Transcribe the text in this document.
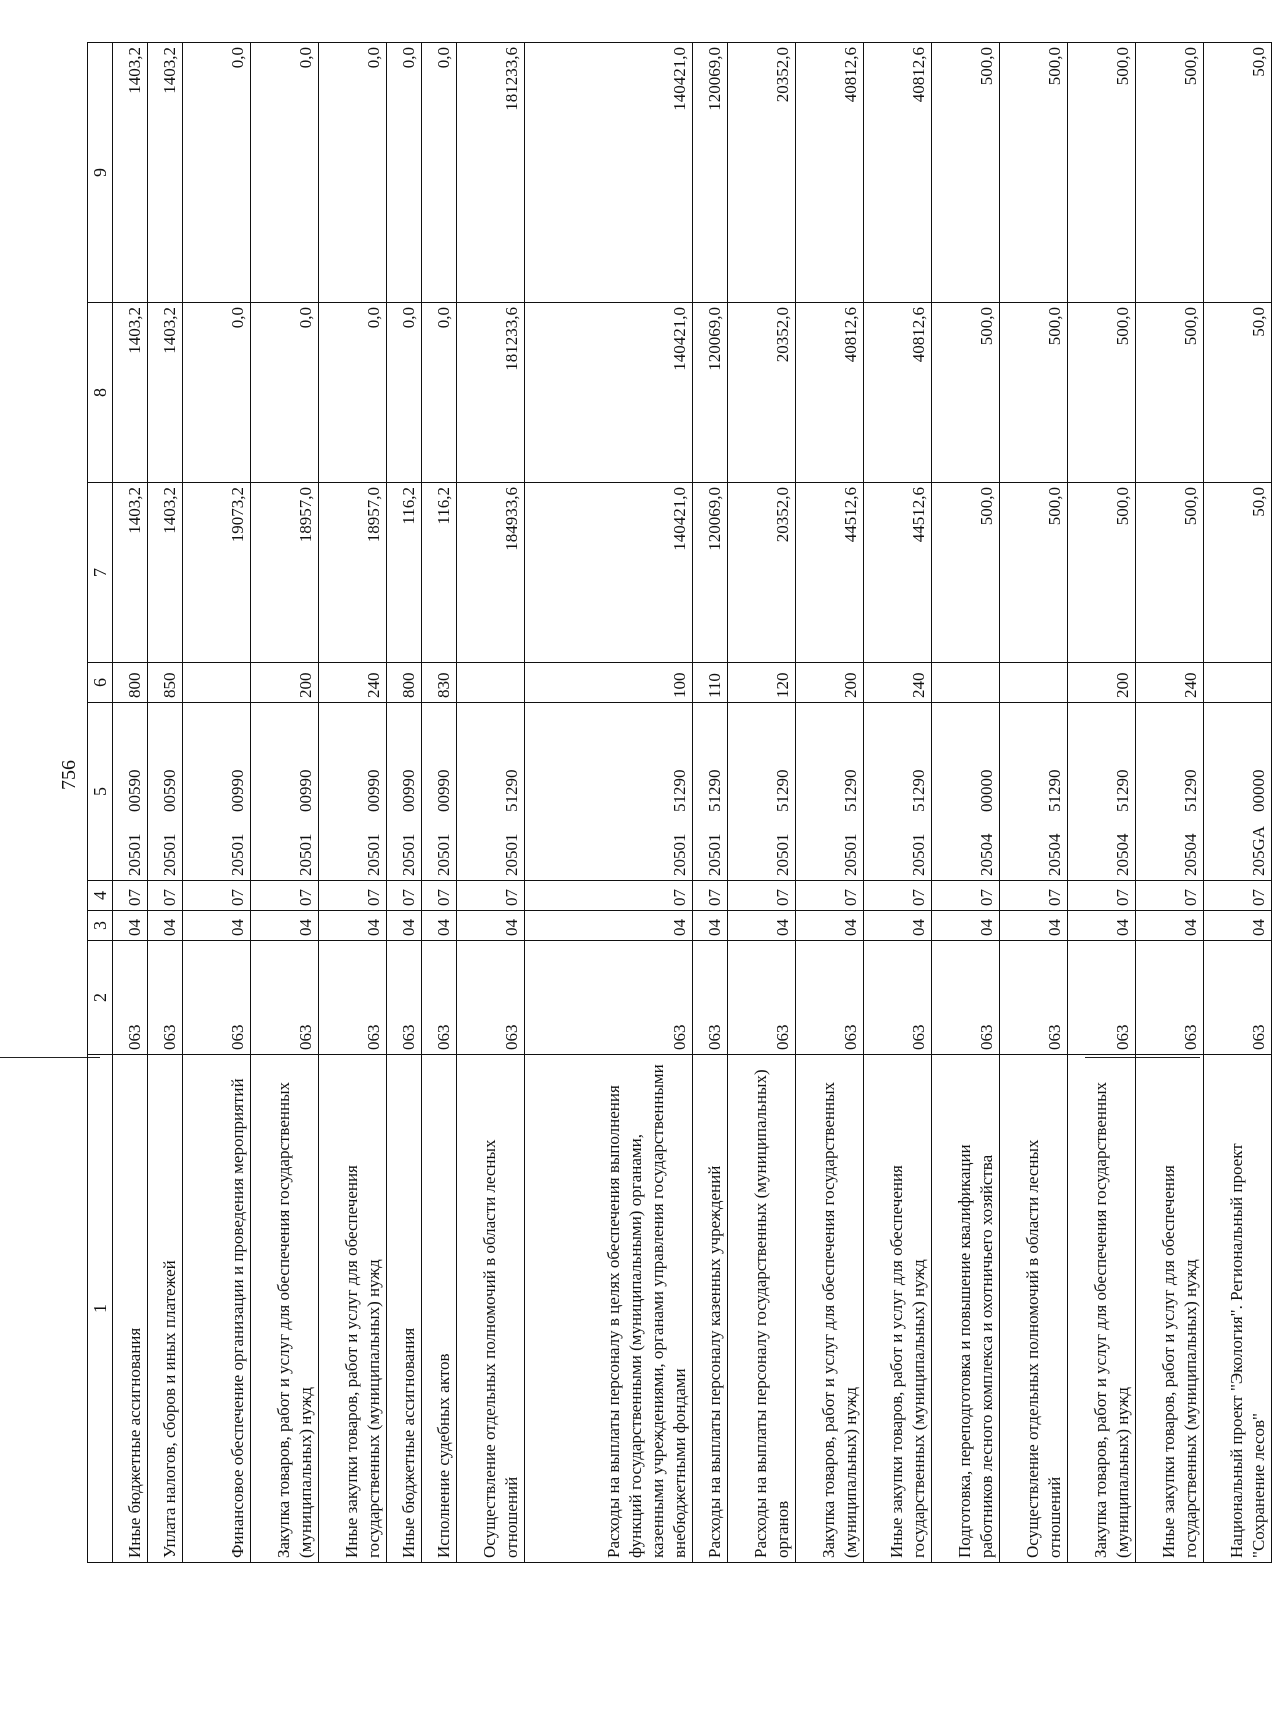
756
1	2	3	4	5	6	7	8	9
Иные бюджетные ассигнования	063	04	07	2050100590	800	1403,2	1403,2	1403,2
Уплата налогов, сборов и иных платежей	063	04	07	2050100590	850	1403,2	1403,2	1403,2
Финансовое обеспечение организации и проведения мероприятий	063	04	07	2050100990		19073,2	0,0	0,0
Закупка товаров, работ и услуг для обеспечения государственных (муниципальных) нужд	063	04	07	2050100990	200	18957,0	0,0	0,0
Иные закупки товаров, работ и услуг для обеспечения государственных (муниципальных) нужд	063	04	07	2050100990	240	18957,0	0,0	0,0
Иные бюджетные ассигнования	063	04	07	2050100990	800	116,2	0,0	0,0
Исполнение судебных актов	063	04	07	2050100990	830	116,2	0,0	0,0
Осуществление отдельных полномочий в области лесных отношений	063	04	07	2050151290		184933,6	181233,6	181233,6
Расходы на выплаты персоналу в целях обеспечения выполнения функций государственными (муниципальными) органами, казенными учреждениями, органами управления государственными внебюджетными фондами	063	04	07	2050151290	100	140421,0	140421,0	140421,0
Расходы на выплаты персоналу казенных учреждений	063	04	07	2050151290	110	120069,0	120069,0	120069,0
Расходы на выплаты персоналу государственных (муниципальных) органов	063	04	07	2050151290	120	20352,0	20352,0	20352,0
Закупка товаров, работ и услуг для обеспечения государственных (муниципальных) нужд	063	04	07	2050151290	200	44512,6	40812,6	40812,6
Иные закупки товаров, работ и услуг для обеспечения государственных (муниципальных) нужд	063	04	07	2050151290	240	44512,6	40812,6	40812,6
Подготовка, переподготовка и повышение квалификации работников лесного комплекса и охотничьего хозяйства	063	04	07	2050400000		500,0	500,0	500,0
Осуществление отдельных полномочий в области лесных отношений	063	04	07	2050451290		500,0	500,0	500,0
Закупка товаров, работ и услуг для обеспечения государственных (муниципальных) нужд	063	04	07	2050451290	200	500,0	500,0	500,0
Иные закупки товаров, работ и услуг для обеспечения государственных (муниципальных) нужд	063	04	07	2050451290	240	500,0	500,0	500,0
Национальный проект "Экология". Региональный проект "Сохранение лесов"	063	04	07	205GA00000		50,0	50,0	50,0
